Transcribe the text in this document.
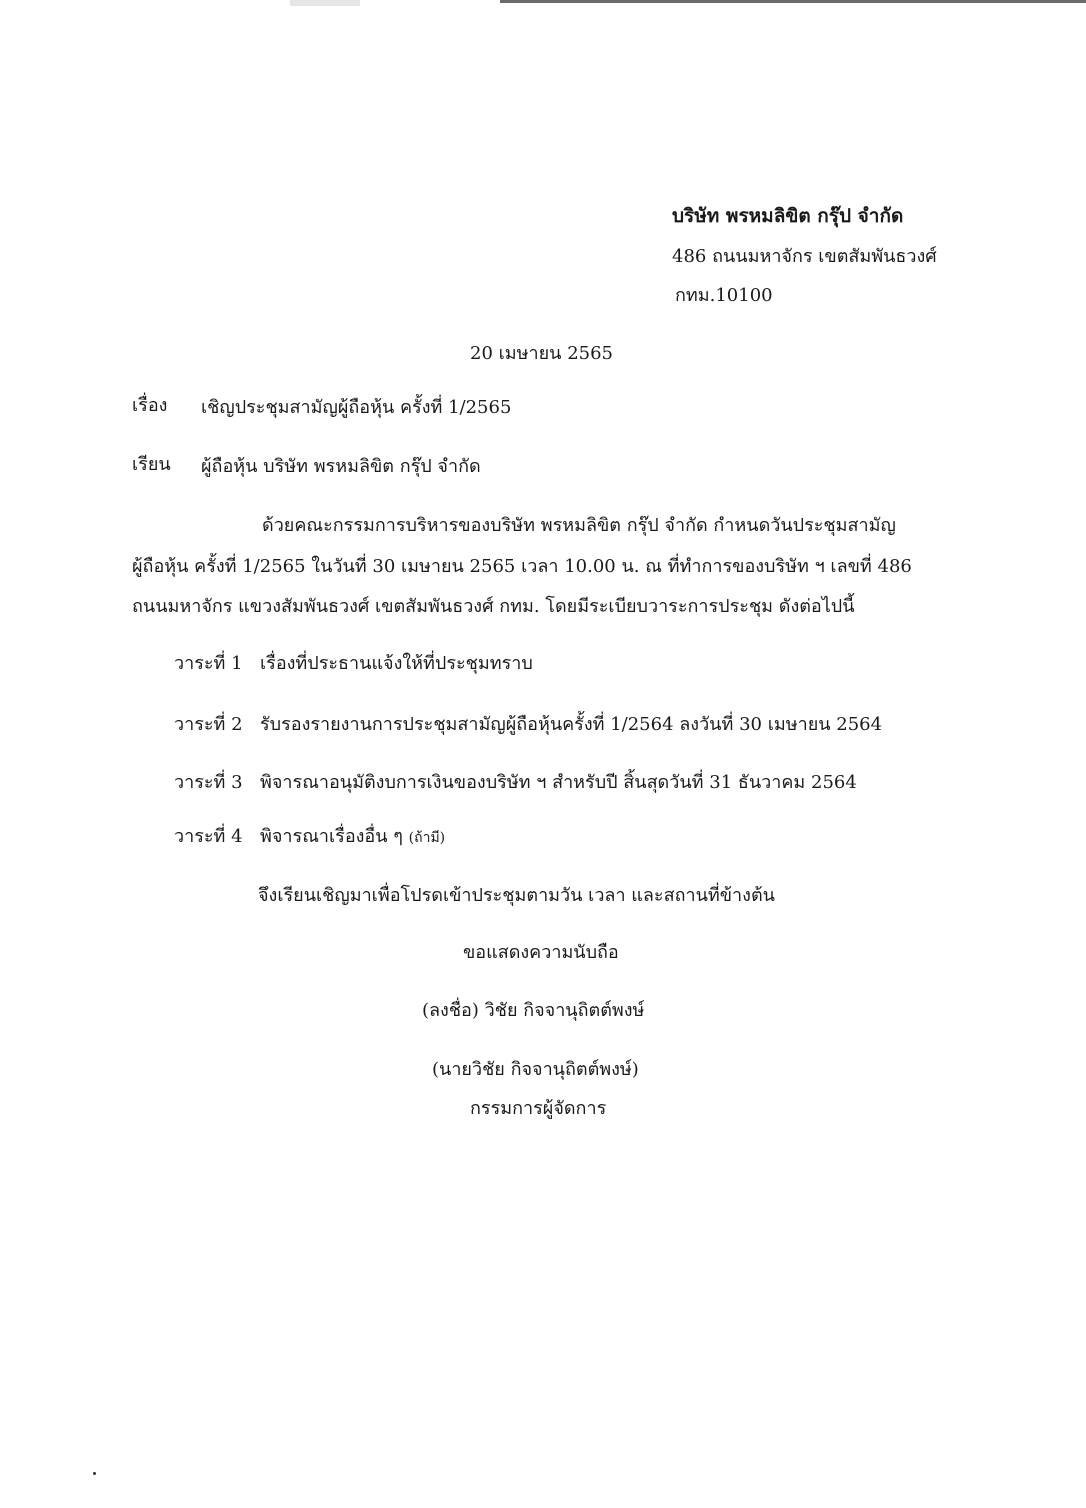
บริษัท พรหมลิขิต กรุ๊ป จำกัด
486 ถนนมหาจักร เขตสัมพันธวงศ์
กทม.10100
20 เมษายน 2565
เรื่อง เชิญประชุมสามัญผู้ถือหุ้น ครั้งที่ 1/2565
เรียน ผู้ถือหุ้น บริษัท พรหมลิขิต กรุ๊ป จำกัด
ด้วยคณะกรรมการบริหารของบริษัท พรหมลิขิต กรุ๊ป จำกัด กำหนดวันประชุมสามัญ
ผู้ถือหุ้น ครั้งที่ 1/2565 ในวันที่ 30 เมษายน 2565 เวลา 10.00 น. ณ ที่ทำการของบริษัท ฯ เลขที่ 486
ถนนมหาจักร แขวงสัมพันธวงศ์ เขตสัมพันธวงศ์ กทม. โดยมีระเบียบวาระการประชุม ดังต่อไปนี้
วาระที่ 1 เรื่องที่ประธานแจ้งให้ที่ประชุมทราบ
วาระที่ 2 รับรองรายงานการประชุมสามัญผู้ถือหุ้นครั้งที่ 1/2564 ลงวันที่ 30 เมษายน 2564
วาระที่ 3 พิจารณาอนุมัติงบการเงินของบริษัท ฯ สำหรับปี สิ้นสุดวันที่ 31 ธันวาคม 2564
วาระที่ 4 พิจารณาเรื่องอื่น ๆ (ถ้ามี)
จึงเรียนเชิญมาเพื่อโปรดเข้าประชุมตามวัน เวลา และสถานที่ข้างต้น
ขอแสดงความนับถือ
(ลงชื่อ) วิชัย กิจจานุถิตต์พงษ์
(นายวิชัย กิจจานุถิตต์พงษ์)
กรรมการผู้จัดการ
